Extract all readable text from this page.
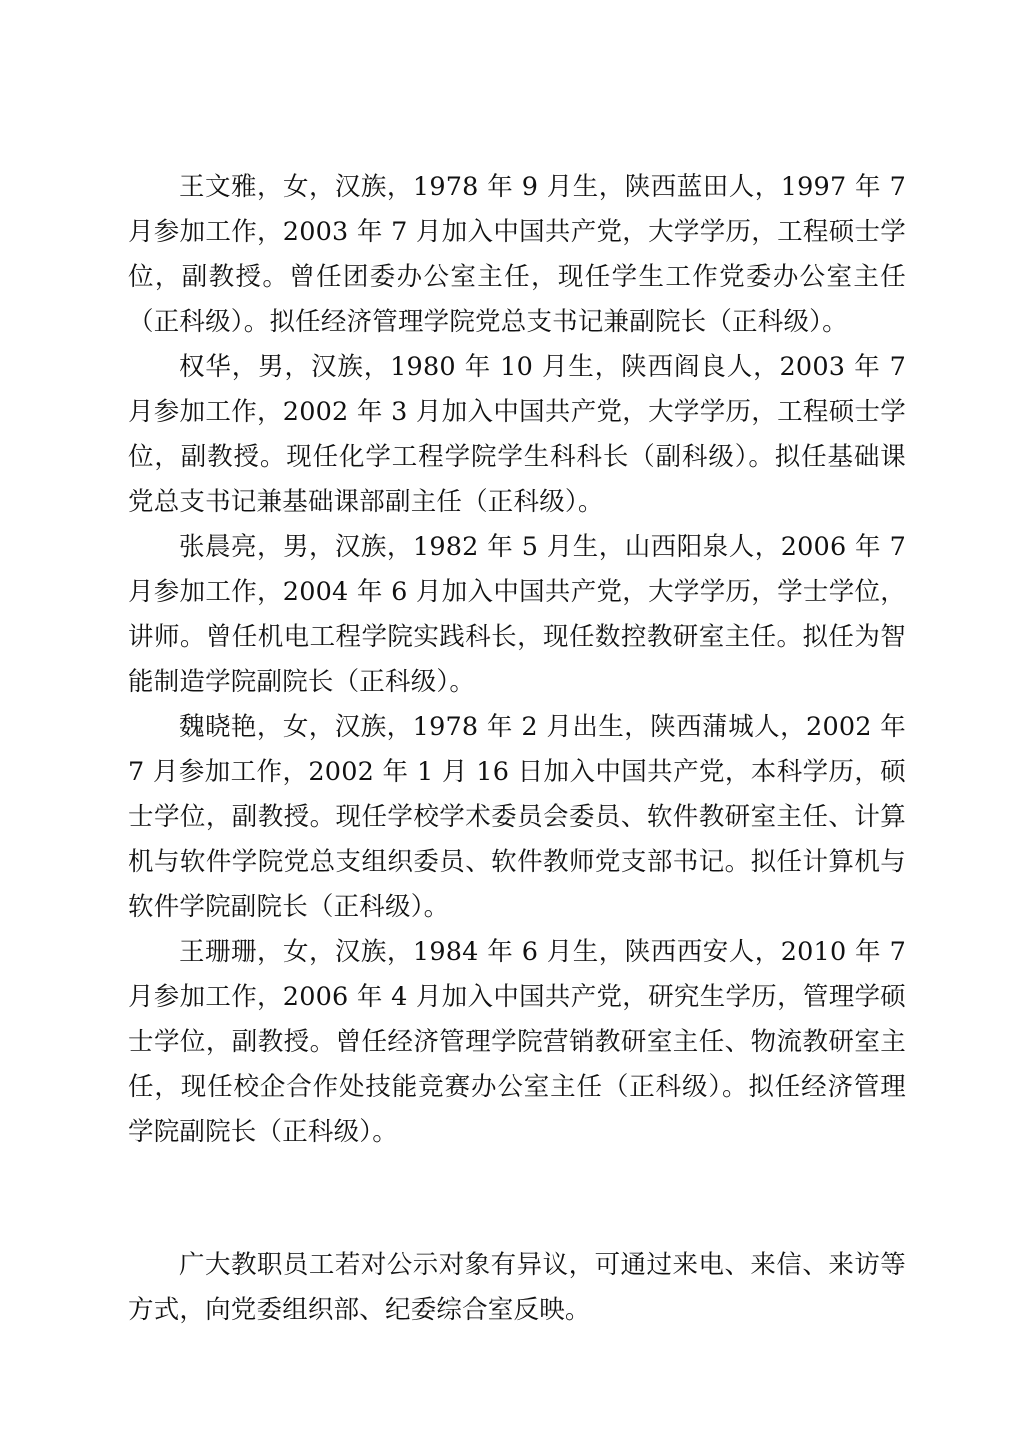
王文雅，女，汉族，1978 年 9 月生，陕西蓝田人，1997 年 7 月参加工作，2003 年 7 月加入中国共产党，大学学历，工程硕士学位，副教授。曾任团委办公室主任，现任学生工作党委办公室主任（正科级）。拟任经济管理学院党总支书记兼副院长（正科级）。

权华，男，汉族，1980 年 10 月生，陕西阎良人，2003 年 7 月参加工作，2002 年 3 月加入中国共产党，大学学历，工程硕士学位，副教授。现任化学工程学院学生科科长（副科级）。拟任基础课党总支书记兼基础课部副主任（正科级）。

张晨亮，男，汉族，1982 年 5 月生，山西阳泉人，2006 年 7 月参加工作，2004 年 6 月加入中国共产党，大学学历，学士学位，讲师。曾任机电工程学院实践科长，现任数控教研室主任。拟任为智能制造学院副院长（正科级）。

魏晓艳，女，汉族，1978 年 2 月出生，陕西蒲城人，2002 年 7 月参加工作，2002 年 1 月 16 日加入中国共产党，本科学历，硕士学位，副教授。现任学校学术委员会委员、软件教研室主任、计算机与软件学院党总支组织委员、软件教师党支部书记。拟任计算机与软件学院副院长（正科级）。

王珊珊，女，汉族，1984 年 6 月生，陕西西安人，2010 年 7 月参加工作，2006 年 4 月加入中国共产党，研究生学历，管理学硕士学位，副教授。曾任经济管理学院营销教研室主任、物流教研室主任，现任校企合作处技能竞赛办公室主任（正科级）。拟任经济管理学院副院长（正科级）。

广大教职员工若对公示对象有异议，可通过来电、来信、来访等方式，向党委组织部、纪委综合室反映。
